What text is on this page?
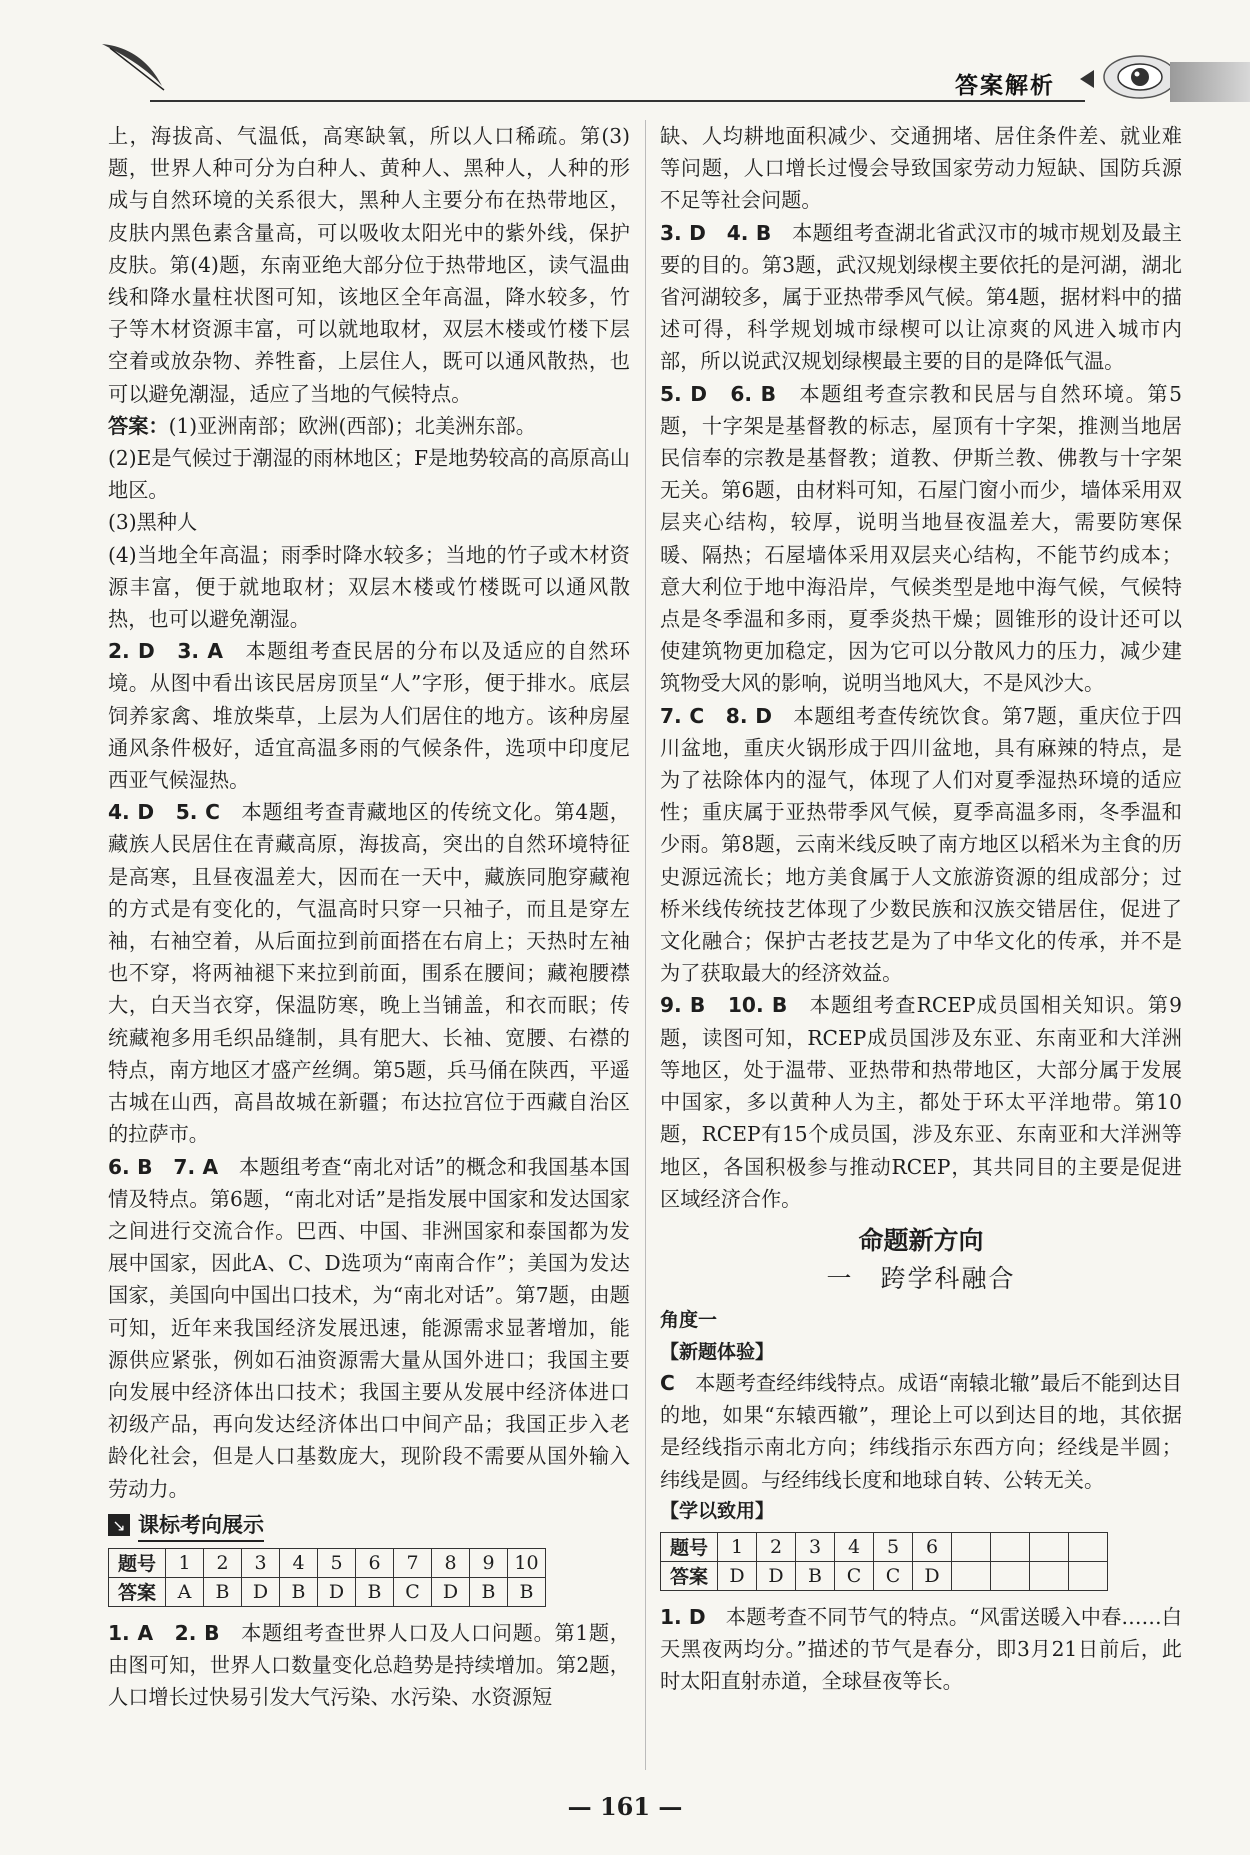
答案解析

上，海拔高、气温低，高寒缺氧，所以人口稀疏。第(3)题，世界人种可分为白种人、黄种人、黑种人，人种的形成与自然环境的关系很大，黑种人主要分布在热带地区，皮肤内黑色素含量高，可以吸收太阳光中的紫外线，保护皮肤。第(4)题，东南亚绝大部分位于热带地区，读气温曲线和降水量柱状图可知，该地区全年高温，降水较多，竹子等木材资源丰富，可以就地取材，双层木楼或竹楼下层空着或放杂物、养牲畜，上层住人，既可以通风散热，也可以避免潮湿，适应了当地的气候特点。

答案：(1)亚洲南部；欧洲(西部)；北美洲东部。

(2)E是气候过于潮湿的雨林地区；F是地势较高的高原高山地区。

(3)黑种人

(4)当地全年高温；雨季时降水较多；当地的竹子或木材资源丰富，便于就地取材；双层木楼或竹楼既可以通风散热，也可以避免潮湿。

2. D　3. A　本题组考查民居的分布以及适应的自然环境。从图中看出该民居房顶呈“人”字形，便于排水。底层饲养家禽、堆放柴草，上层为人们居住的地方。该种房屋通风条件极好，适宜高温多雨的气候条件，选项中印度尼西亚气候湿热。

4. D　5. C　本题组考查青藏地区的传统文化。第4题，藏族人民居住在青藏高原，海拔高，突出的自然环境特征是高寒，且昼夜温差大，因而在一天中，藏族同胞穿藏袍的方式是有变化的，气温高时只穿一只袖子，而且是穿左袖，右袖空着，从后面拉到前面搭在右肩上；天热时左袖也不穿，将两袖褪下来拉到前面，围系在腰间；藏袍腰襟大，白天当衣穿，保温防寒，晚上当铺盖，和衣而眠；传统藏袍多用毛织品缝制，具有肥大、长袖、宽腰、右襟的特点，南方地区才盛产丝绸。第5题，兵马俑在陕西，平遥古城在山西，高昌故城在新疆；布达拉宫位于西藏自治区的拉萨市。

6. B　7. A　本题组考查“南北对话”的概念和我国基本国情及特点。第6题，“南北对话”是指发展中国家和发达国家之间进行交流合作。巴西、中国、非洲国家和泰国都为发展中国家，因此A、C、D选项为“南南合作”；美国为发达国家，美国向中国出口技术，为“南北对话”。第7题，由题可知，近年来我国经济发展迅速，能源需求显著增加，能源供应紧张，例如石油资源需大量从国外进口；我国主要向发展中经济体出口技术；我国主要从发展中经济体进口初级产品，再向发达经济体出口中间产品；我国正步入老龄化社会，但是人口基数庞大，现阶段不需要从国外输入劳动力。

↘ 课标考向展示
题号	1	2	3	4	5	6	7	8	9	10
答案	A	B	D	B	D	B	C	D	B	B

1. A　2. B　本题组考查世界人口及人口问题。第1题，由图可知，世界人口数量变化总趋势是持续增加。第2题，人口增长过快易引发大气污染、水污染、水资源短

缺、人均耕地面积减少、交通拥堵、居住条件差、就业难等问题，人口增长过慢会导致国家劳动力短缺、国防兵源不足等社会问题。

3. D　4. B　本题组考查湖北省武汉市的城市规划及最主要的目的。第3题，武汉规划绿楔主要依托的是河湖，湖北省河湖较多，属于亚热带季风气候。第4题，据材料中的描述可得，科学规划城市绿楔可以让凉爽的风进入城市内部，所以说武汉规划绿楔最主要的目的是降低气温。

5. D　6. B　本题组考查宗教和民居与自然环境。第5题，十字架是基督教的标志，屋顶有十字架，推测当地居民信奉的宗教是基督教；道教、伊斯兰教、佛教与十字架无关。第6题，由材料可知，石屋门窗小而少，墙体采用双层夹心结构，较厚，说明当地昼夜温差大，需要防寒保暖、隔热；石屋墙体采用双层夹心结构，不能节约成本；意大利位于地中海沿岸，气候类型是地中海气候，气候特点是冬季温和多雨，夏季炎热干燥；圆锥形的设计还可以使建筑物更加稳定，因为它可以分散风力的压力，减少建筑物受大风的影响，说明当地风大，不是风沙大。

7. C　8. D　本题组考查传统饮食。第7题，重庆位于四川盆地，重庆火锅形成于四川盆地，具有麻辣的特点，是为了祛除体内的湿气，体现了人们对夏季湿热环境的适应性；重庆属于亚热带季风气候，夏季高温多雨，冬季温和少雨。第8题，云南米线反映了南方地区以稻米为主食的历史源远流长；地方美食属于人文旅游资源的组成部分；过桥米线传统技艺体现了少数民族和汉族交错居住，促进了文化融合；保护古老技艺是为了中华文化的传承，并不是为了获取最大的经济效益。

9. B　10. B　本题组考查RCEP成员国相关知识。第9题，读图可知，RCEP成员国涉及东亚、东南亚和大洋洲等地区，处于温带、亚热带和热带地区，大部分属于发展中国家，多以黄种人为主，都处于环太平洋地带。第10题，RCEP有15个成员国，涉及东亚、东南亚和大洋洲等地区，各国积极参与推动RCEP，其共同目的主要是促进区域经济合作。

命题新方向
一　跨学科融合
角度一

【新题体验】

C　本题考查经纬线特点。成语“南辕北辙”最后不能到达目的地，如果“东辕西辙”，理论上可以到达目的地，其依据是经线指示南北方向；纬线指示东西方向；经线是半圆；纬线是圆。与经纬线长度和地球自转、公转无关。

【学以致用】

题号	1	2	3	4	5	6				
答案	D	D	B	C	C	D				

1. D　本题考查不同节气的特点。“风雷送暖入中春……白天黑夜两均分。”描述的节气是春分，即3月21日前后，此时太阳直射赤道，全球昼夜等长。

— 161 —
